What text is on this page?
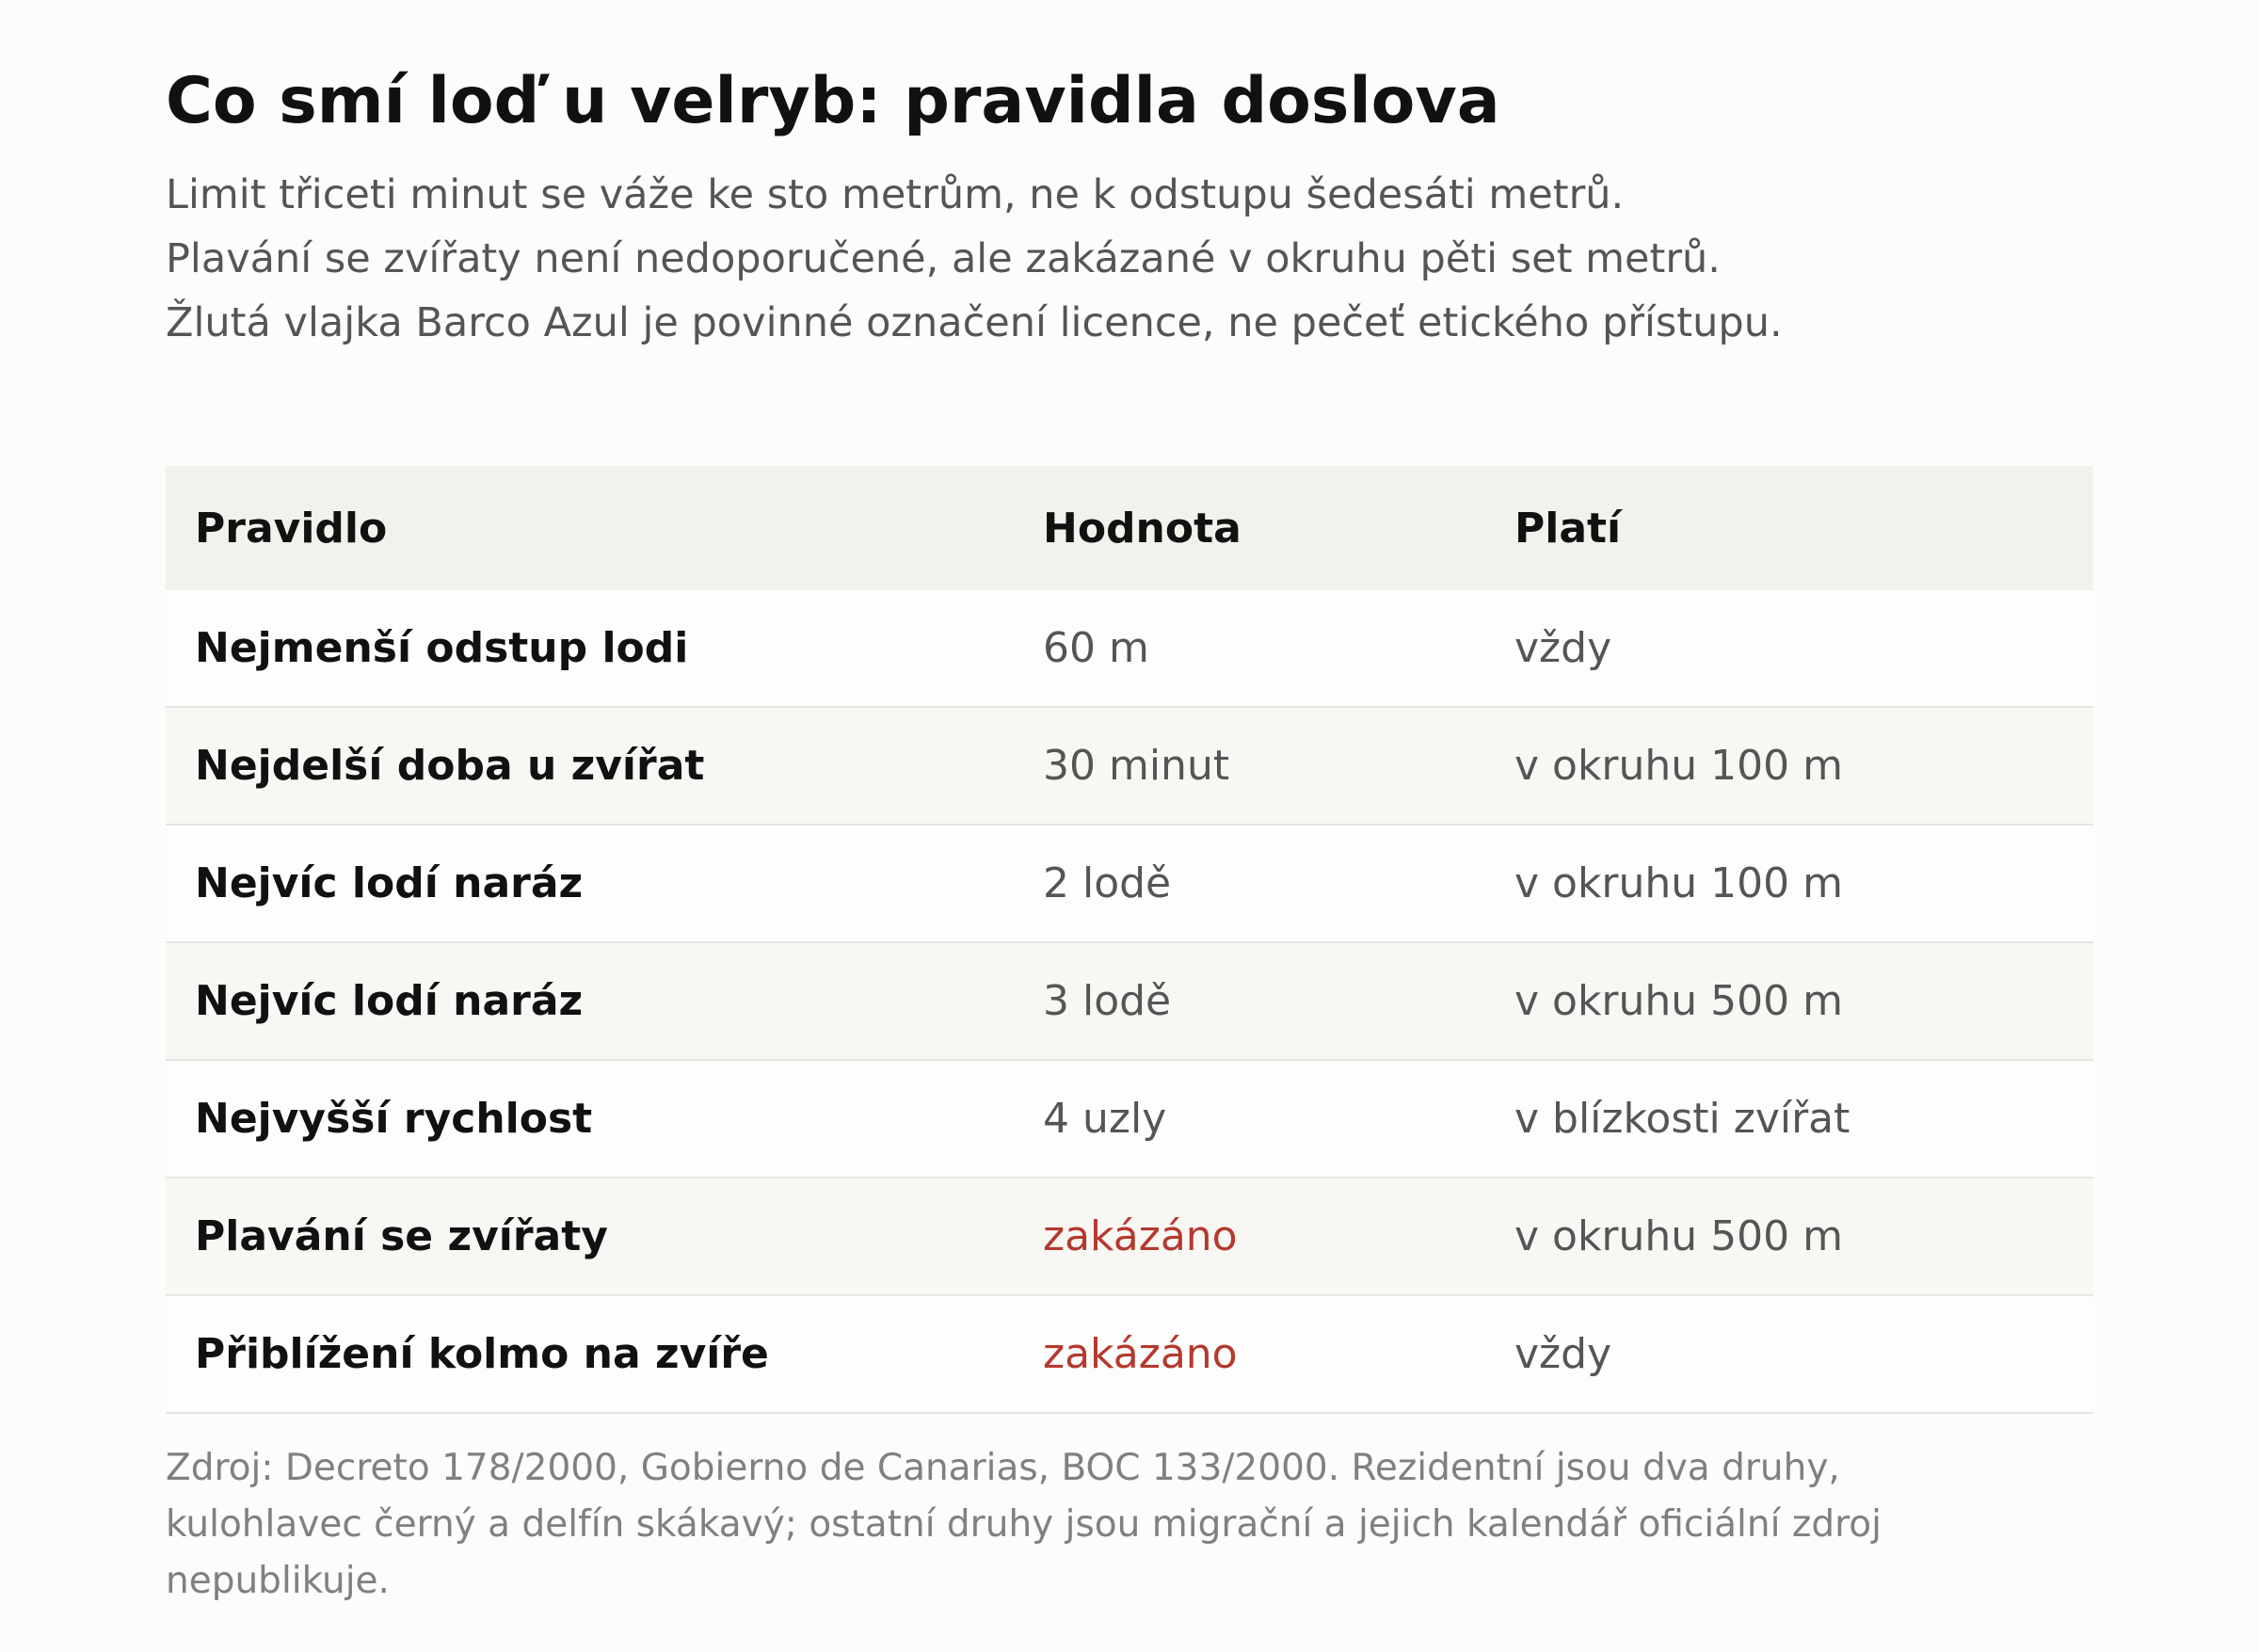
Co smí loď u velryb: pravidla doslova
Limit třiceti minut se váže ke sto metrům, ne k odstupu šedesáti metrů.
Plavání se zvířaty není nedoporučené, ale zakázané v okruhu pěti set metrů.
Žlutá vlajka Barco Azul je povinné označení licence, ne pečeť etického přístupu.
Pravidlo	Hodnota	Platí
Nejmenší odstup lodi	60 m	vždy
Nejdelší doba u zvířat	30 minut	v okruhu 100 m
Nejvíc lodí naráz	2 lodě	v okruhu 100 m
Nejvíc lodí naráz	3 lodě	v okruhu 500 m
Nejvyšší rychlost	4 uzly	v blízkosti zvířat
Plavání se zvířaty	zakázáno	v okruhu 500 m
Přiblížení kolmo na zvíře	zakázáno	vždy
Zdroj: Decreto 178/2000, Gobierno de Canarias, BOC 133/2000. Rezidentní jsou dva druhy,
kulohlavec černý a delfín skákavý; ostatní druhy jsou migrační a jejich kalendář oficiální zdroj
nepublikuje.
